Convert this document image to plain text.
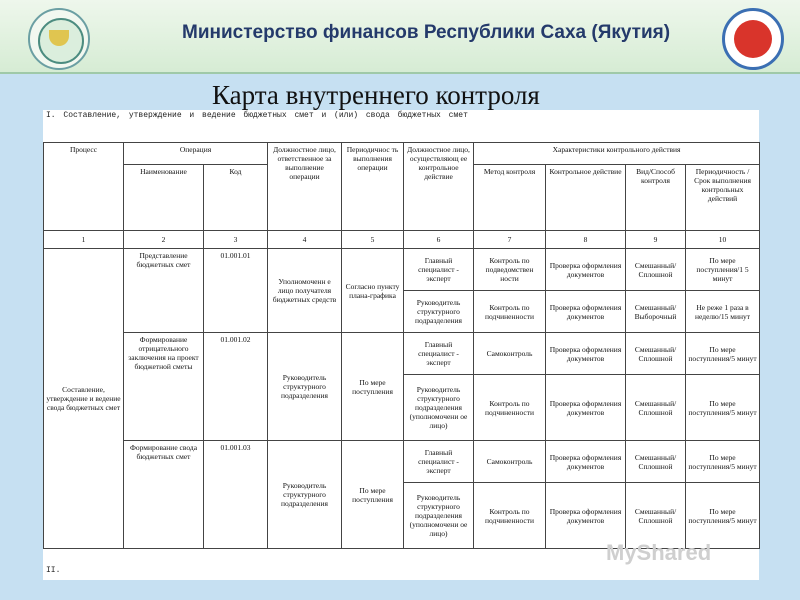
Министерство финансов Республики Саха (Якутия)
Карта внутреннего контроля
I. Составление, утверждение и ведение бюджетных смет и (или) свода бюджетных смет
Процесс	Операция		Должностное лицо, ответственное за выполнение операции	Периодичнос ть выполнения операции	Должностное лицо, осуществляющ ее контрольное действие	Характеристики контрольного действия			
	Наименование	Код				Метод контроля	Контрольное действие	Вид/Способ контроля	Периодичность /Срок выполнения контрольных действий
1	2	3	4	5	6	7	8	9	10
Составление, утверждение и ведение свода бюджетных смет	Представление бюджетных смет	01.001.01	Уполномоченн е лицо получателя бюджетных средств	Согласно пункту плана-графика	Главный специалист - эксперт	Контроль по подведомствен ности	Проверка оформления документов	Смешанный/ Сплошной	По мере поступления/1 5 минут
					Руководитель структурного подразделения	Контроль по подчиненности	Проверка оформления документов	Смешанный/ Выборочный	Не реже 1 раза в неделю/15 минут
	Формирование отрицательного заключения на проект бюджетной сметы	01.001.02	Руководитель структурного подразделения	По мере поступления	Главный специалист - эксперт	Самоконтроль	Проверка оформления документов	Смешанный/ Сплошной	По мере поступления/5 минут
					Руководитель структурного подразделения (уполномочени ое лицо)	Контроль по подчиненности	Проверка оформления документов	Смешанный/ Сплошной	По мере поступления/5 минут
	Формирование свода бюджетных смет	01.001.03	Руководитель структурного подразделения	По мере поступления	Главный специалист - эксперт	Самоконтроль	Проверка оформления документов	Смешанный/ Сплошной	По мере поступления/5 минут
					Руководитель структурного подразделения (уполномочени ое лицо)	Контроль по подчиненности	Проверка оформления документов	Смешанный/ Сплошной	По мере поступления/5 минут
II.
MyShared
